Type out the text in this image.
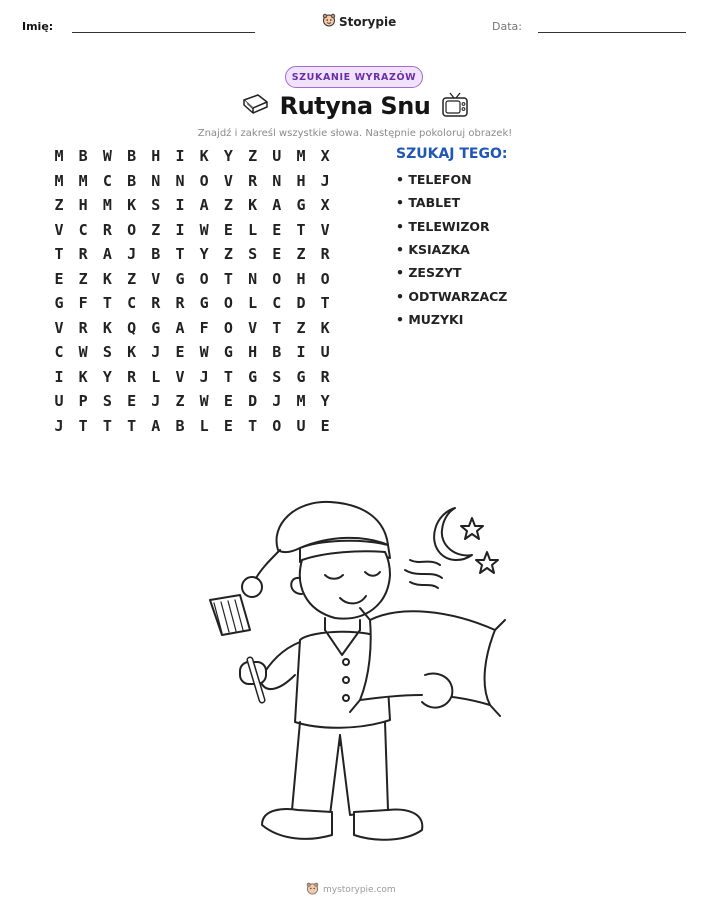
Imię:	Storypie	Data:
SZUKANIE WYRAZÓW
Rutyna Snu
Znajdź i zakreśl wszystkie słowa. Następnie pokoloruj obrazek!
M	B	W	B	H	I	K	Y	Z	U	M	X
M	M	C	B	N	N	O	V	R	N	H	J
Z	H	M	K	S	I	A	Z	K	A	G	X
V	C	R	O	Z	I	W	E	L	E	T	V
T	R	A	J	B	T	Y	Z	S	E	Z	R
E	Z	K	Z	V	G	O	T	N	O	H	O
G	F	T	C	R	R	G	O	L	C	D	T
V	R	K	Q	G	A	F	O	V	T	Z	K
C	W	S	K	J	E	W	G	H	B	I	U
I	K	Y	R	L	V	J	T	G	S	G	R
U	P	S	E	J	Z	W	E	D	J	M	Y
J	T	T	T	A	B	L	E	T	O	U	E
SZUKAJ TEGO:
• TELEFON
• TABLET
• TELEWIZOR
• KSIAZKA
• ZESZYT
• ODTWARZACZ
• MUZYKI
mystorypie.com
